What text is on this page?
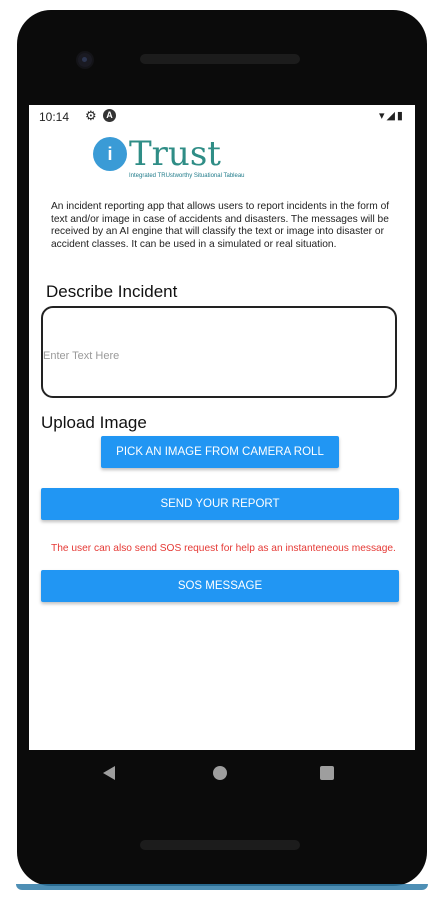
10:14 ⚙	A	▾◢▮
i Trust
Integrated TRUstworthy Situational Tableau
An incident reporting app that allows users to report incidents in the form of text and/or image in case of accidents and disasters. The messages will be received by an AI engine that will classify the text or image into disaster or accident classes. It can be used in a simulated or real situation.
Describe Incident
Enter Text Here
Upload Image
PICK AN IMAGE FROM CAMERA ROLL
SEND YOUR REPORT
The user can also send SOS request for help as an instanteneous message.
SOS MESSAGE
